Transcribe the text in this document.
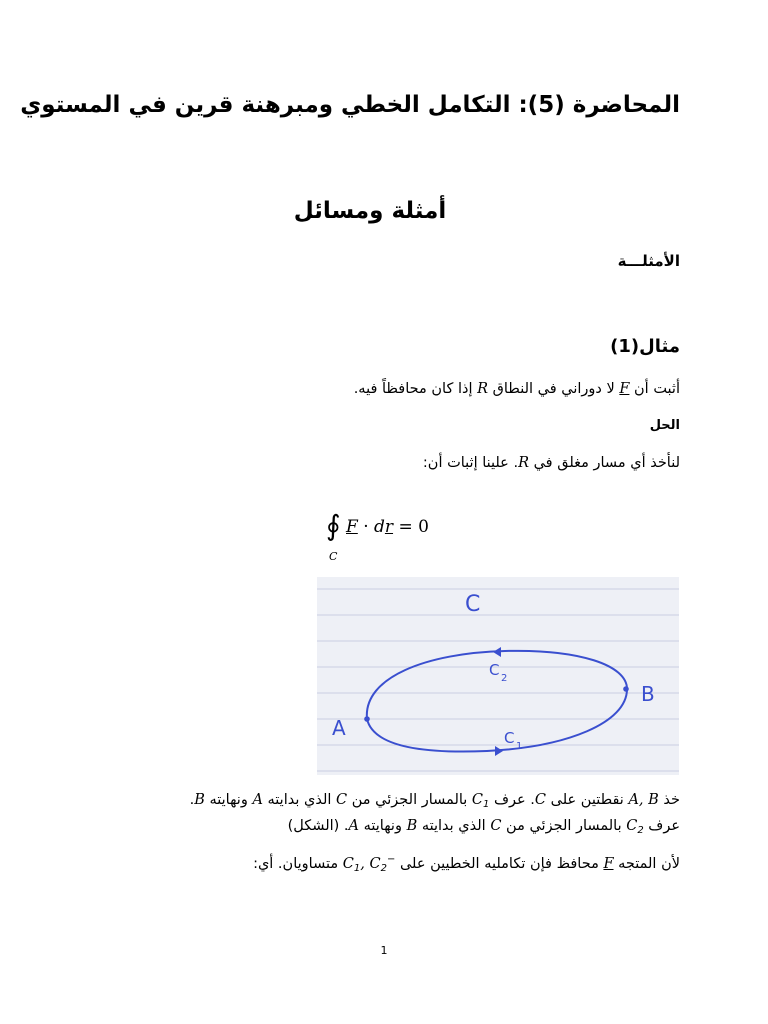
المحاضرة (5): التكامل الخطي ومبرهنة قرين في المستوي
أمثلة ومسائل
الأمثلـــة
مثال(1)
أثبت أن F لا دوراني في النطاق R إذا كان محافظاً فيه.
الحل
لنأخذ أي مسار مغلق في R. علينا إثبات أن:
∮
C
F · dr = 0
C
A
B
C 2
C 1
خذ A, B نقطتين على C. عرف $C_1$ بالمسار الجزئي من C الذي بدايته A ونهايته B.
عرف $C_2$ بالمسار الجزئي من C الذي بدايته B ونهايته A. (الشكل)
لأن المتجه F محافظ فإن تكامليه الخطيين على $C_1$, $C_2^-$ متساويان. أي:
1
